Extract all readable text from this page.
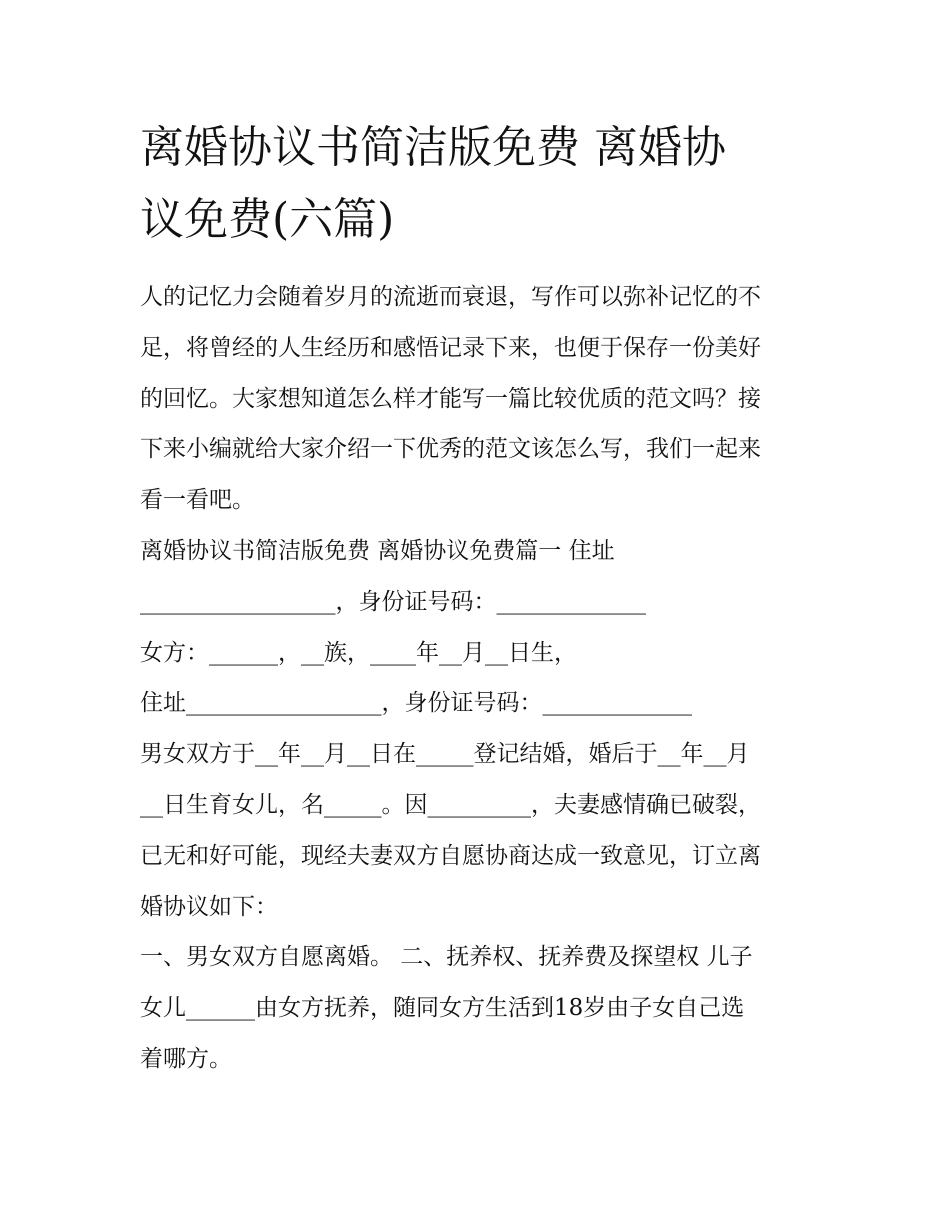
离婚协议书简洁版免费 离婚协
议免费(六篇)
人的记忆力会随着岁月的流逝而衰退，写作可以弥补记忆的不
足，将曾经的人生经历和感悟记录下来，也便于保存一份美好
的回忆。大家想知道怎么样才能写一篇比较优质的范文吗？接
下来小编就给大家介绍一下优秀的范文该怎么写，我们一起来
看一看吧。
离婚协议书简洁版免费 离婚协议免费篇一 住址
_________________，身份证号码：_____________
女方：______，__族，____年__月__日生，
住址_________________，身份证号码：_____________
男女双方于__年__月__日在_____登记结婚，婚后于__年__月
__日生育女儿，名_____。因_________，夫妻感情确已破裂，
已无和好可能，现经夫妻双方自愿协商达成一致意见，订立离
婚协议如下：
一、男女双方自愿离婚。 二、抚养权、抚养费及探望权 儿子
女儿______由女方抚养，随同女方生活到18岁由子女自己选
着哪方。
